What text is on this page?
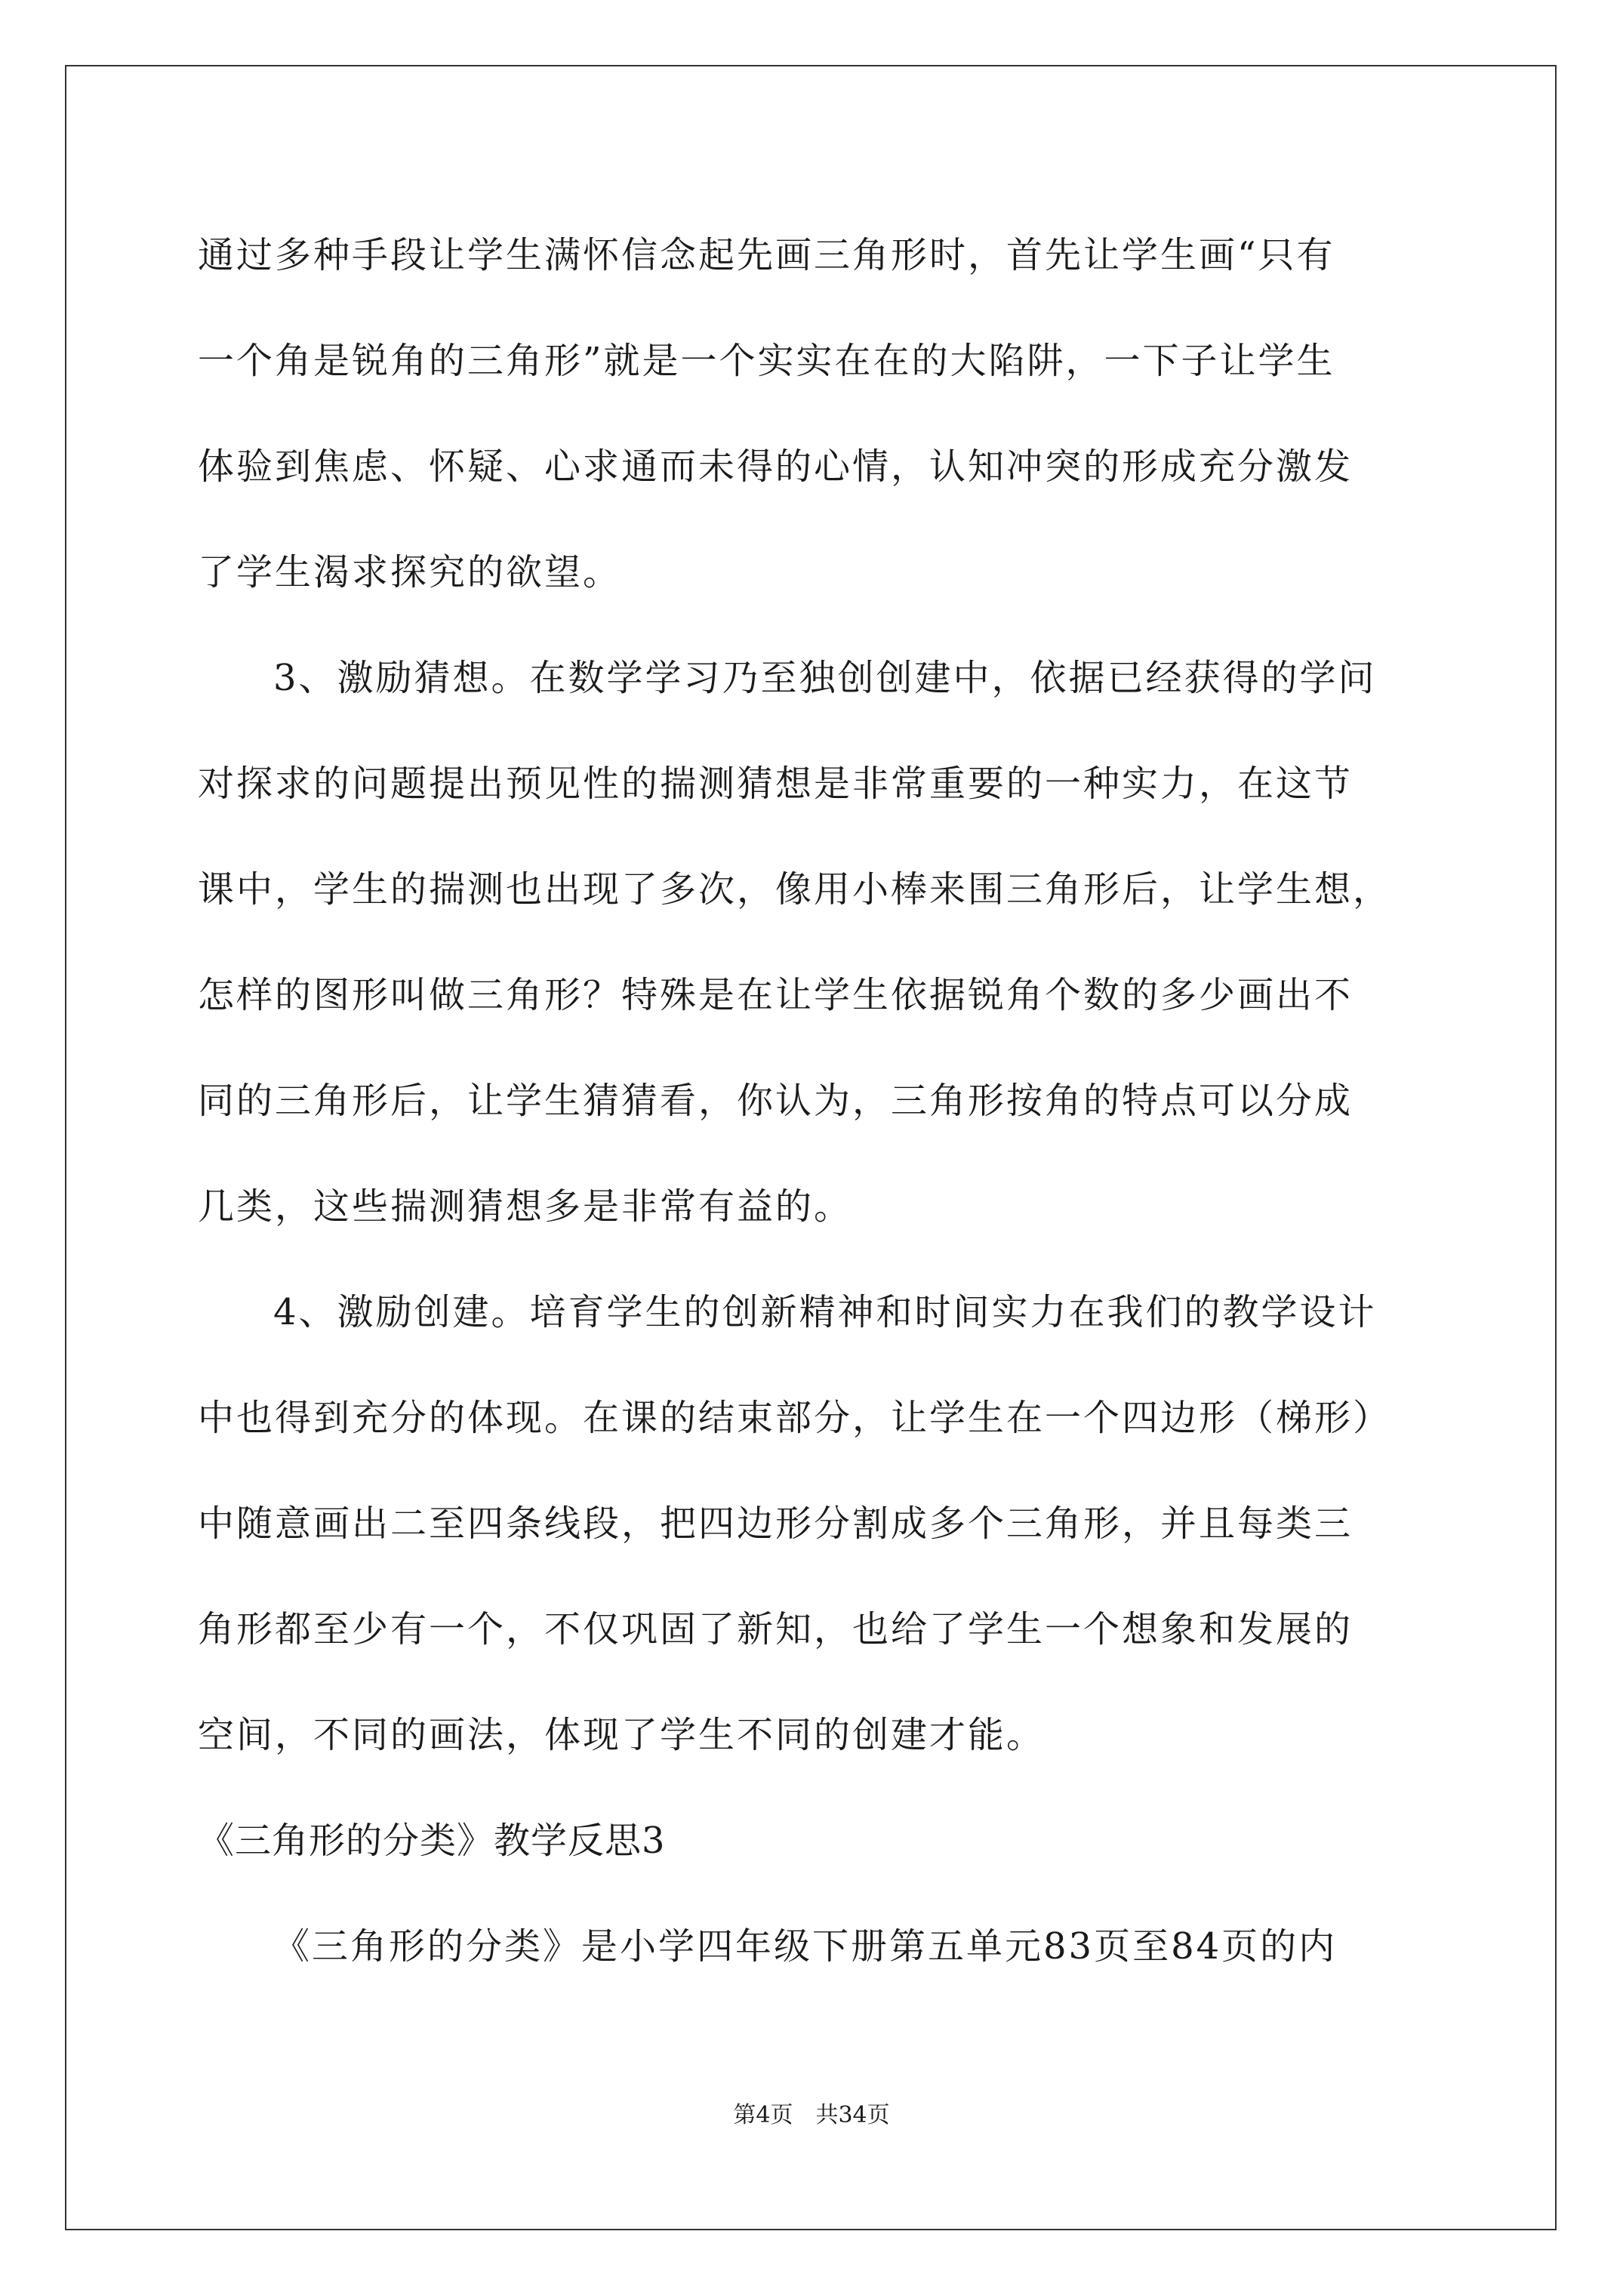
通过多种手段让学生满怀信念起先画三角形时，首先让学生画“只有
一个角是锐角的三角形”就是一个实实在在的大陷阱，一下子让学生
体验到焦虑、怀疑、心求通而未得的心情，认知冲突的形成充分激发
了学生渴求探究的欲望。
3、激励猜想。在数学学习乃至独创创建中，依据已经获得的学问
对探求的问题提出预见性的揣测猜想是非常重要的一种实力，在这节
课中，学生的揣测也出现了多次，像用小棒来围三角形后，让学生想，
怎样的图形叫做三角形？特殊是在让学生依据锐角个数的多少画出不
同的三角形后，让学生猜猜看，你认为，三角形按角的特点可以分成
几类，这些揣测猜想多是非常有益的。
4、激励创建。培育学生的创新精神和时间实力在我们的教学设计
中也得到充分的体现。在课的结束部分，让学生在一个四边形（梯形）
中随意画出二至四条线段，把四边形分割成多个三角形，并且每类三
角形都至少有一个，不仅巩固了新知，也给了学生一个想象和发展的
空间，不同的画法，体现了学生不同的创建才能。
《三角形的分类》教学反思3
《三角形的分类》是小学四年级下册第五单元83页至84页的内
第4页　共34页
